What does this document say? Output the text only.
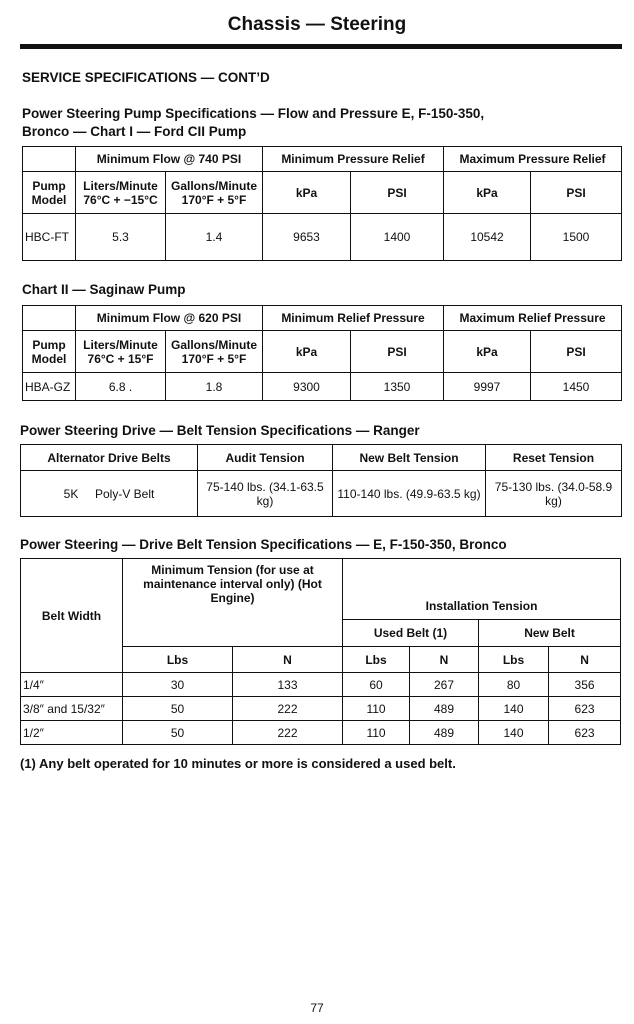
Chassis — Steering
SERVICE SPECIFICATIONS — CONT’D
Power Steering Pump Specifications — Flow and Pressure E, F-150-350,
Bronco — Chart I — Ford CII Pump
	Minimum Flow @ 740 PSI		Minimum Pressure Relief		Maximum Pressure Relief	
Pump Model	Liters/Minute 76°C + −15°C	Gallons/Minute 170°F + 5°F	kPa	PSI	kPa	PSI
HBC-FT	5.3	1.4	9653	1400	10542	1500
Chart II — Saginaw Pump
	Minimum Flow @ 620 PSI		Minimum Relief Pressure		Maximum Relief Pressure	
Pump Model	Liters/Minute 76°C + 15°F	Gallons/Minute 170°F + 5°F	kPa	PSI	kPa	PSI
HBA-GZ	6.8 .	1.8	9300	1350	9997	1450
Power Steering Drive — Belt Tension Specifications — Ranger
Alternator Drive Belts	Audit Tension	New Belt Tension	Reset Tension
5K     Poly-V Belt	75-140 lbs. (34.1-63.5 kg)	110-140 lbs. (49.9-63.5 kg)	75-130 lbs. (34.0-58.9 kg)
Power Steering — Drive Belt Tension Specifications — E, F-150-350, Bronco
Belt Width	Minimum Tension (for use at maintenance interval only) (Hot Engine)		Installation Tension			
			Used Belt (1)		New Belt	
	Lbs	N	Lbs	N	Lbs	N
1/4″	30	133	60	267	80	356
3/8″ and 15/32″	50	222	110	489	140	623
1/2″	50	222	110	489	140	623
(1) Any belt operated for 10 minutes or more is considered a used belt.
77
